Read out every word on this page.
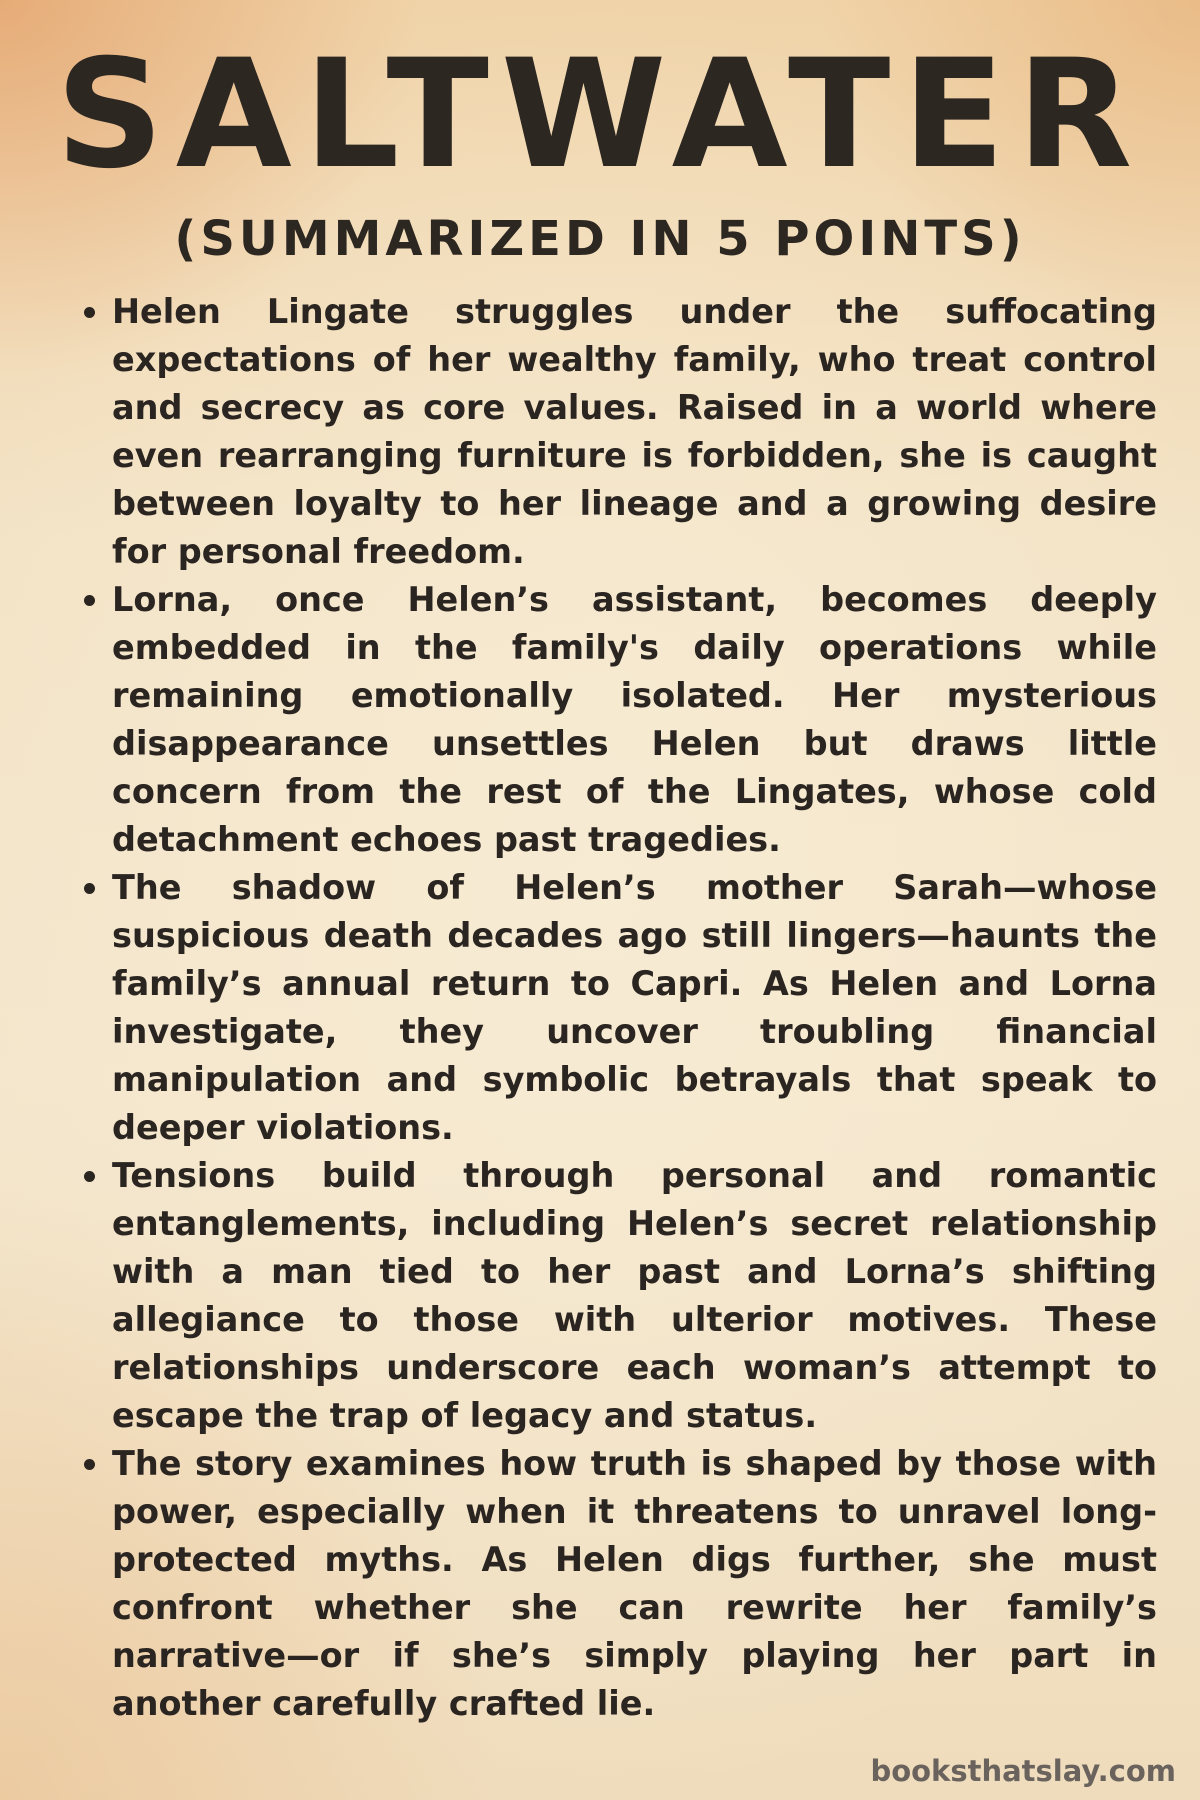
SALTWATER
(SUMMARIZED IN 5 POINTS)
Helen Lingate struggles under the suffocating expectations of her wealthy family, who treat control and secrecy as core values. Raised in a world where even rearranging furniture is forbidden, she is caught between loyalty to her lineage and a growing desire for personal freedom.
Lorna, once Helen’s assistant, becomes deeply embedded in the family's daily operations while remaining emotionally isolated. Her mysterious disappearance unsettles Helen but draws little concern from the rest of the Lingates, whose cold detachment echoes past tragedies.
The shadow of Helen’s mother Sarah—whose suspicious death decades ago still lingers—haunts the family’s annual return to Capri. As Helen and Lorna investigate, they uncover troubling financial manipulation and symbolic betrayals that speak to deeper violations.
Tensions build through personal and romantic entanglements, including Helen’s secret relationship with a man tied to her past and Lorna’s shifting allegiance to those with ulterior motives. These relationships underscore each woman’s attempt to escape the trap of legacy and status.
The story examines how truth is shaped by those with power, especially when it threatens to unravel long-protected myths. As Helen digs further, she must confront whether she can rewrite her family’s narrative—or if she’s simply playing her part in another carefully crafted lie.
booksthatslay.com
